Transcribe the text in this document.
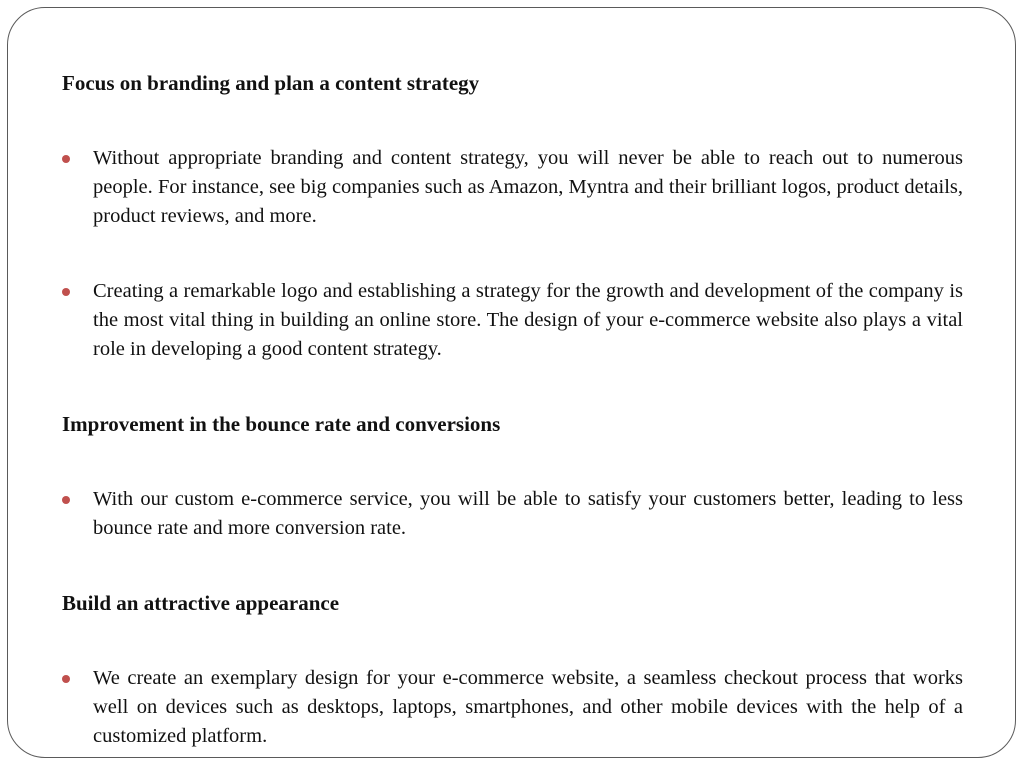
Focus on branding and plan a content strategy
Without appropriate branding and content strategy, you will never be able to reach out to numerous people. For instance, see big companies such as Amazon, Myntra and their brilliant logos, product details, product reviews, and more.
Creating a remarkable logo and establishing a strategy for the growth and development of the company is the most vital thing in building an online store. The design of your e-commerce website also plays a vital role in developing a good content strategy.
Improvement in the bounce rate and conversions
With our custom e-commerce service, you will be able to satisfy your customers better, leading to less bounce rate and more conversion rate.
Build an attractive appearance
We create an exemplary design for your e-commerce website, a seamless checkout process that works well on devices such as desktops, laptops, smartphones, and other mobile devices with the help of a customized platform.
